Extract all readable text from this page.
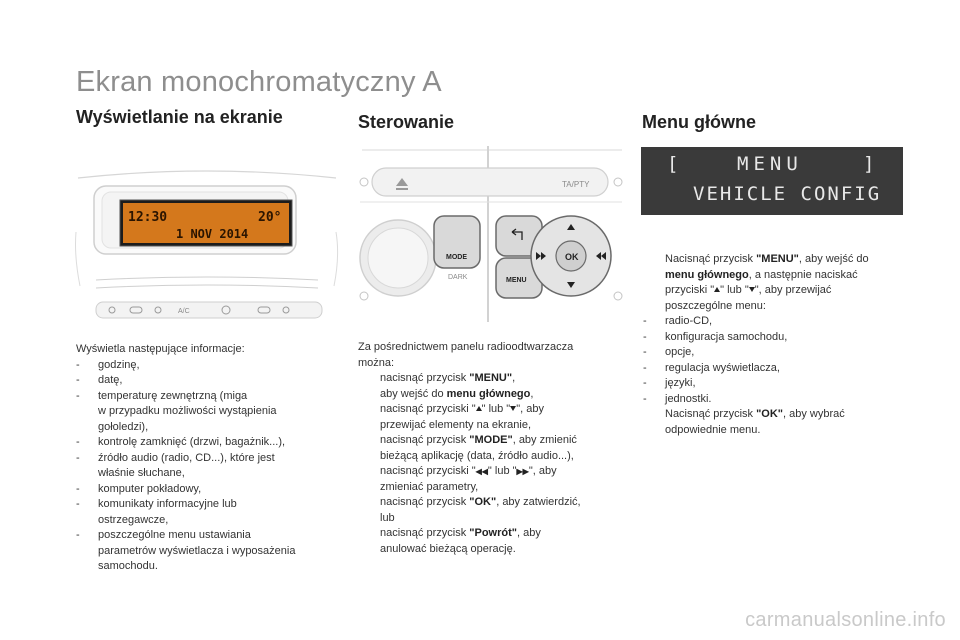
Ekran monochromatyczny A
Wyświetlanie na ekranie
12:30	20°
1 NOV 2014
A/C

Wyświetla następujące informacje:

-	godzinę,

-	datę,

-	temperaturę zewnętrzną (miga

w przypadku możliwości wystąpienia

gołoledzi),

-	kontrolę zamknięć (drzwi, bagażnik...),

-	źródło audio (radio, CD...), które jest

właśnie słuchane,

-	komputer pokładowy,

-	komunikaty informacyjne lub

ostrzegawcze,

-	poszczególne menu ustawiania

parametrów wyświetlacza i wyposażenia

samochodu.

Sterowanie
TA/PTY
MODE
DARK	MENU
OK

Za pośrednictwem panelu radioodtwarzacza

można:

nacisnąć przycisk "MENU",

aby wejść do menu głównego,

nacisnąć przyciski " " lub " ", aby

przewijać elementy na ekranie,

nacisnąć przycisk "MODE", aby zmienić

bieżącą aplikację (data, źródło audio...),

nacisnąć przyciski "◀◀" lub "▶▶", aby

zmieniać parametry,

nacisnąć przycisk "OK", aby zatwierdzić,

lub

nacisnąć przycisk "Powrót", aby

anulować bieżącą operację.

Menu główne
[	MENU	]
VEHICLE CONFIG

Nacisnąć przycisk "MENU", aby wejść do

menu głównego, a następnie naciskać

przyciski " " lub " ", aby przewijać

poszczególne menu:

-	radio-CD,
-	konfiguracja samochodu,
-	opcje,
-	regulacja wyświetlacza,
-	języki,
-	jednostki.

Nacisnąć przycisk "OK", aby wybrać

odpowiednie menu.

carmanualsonline.info
